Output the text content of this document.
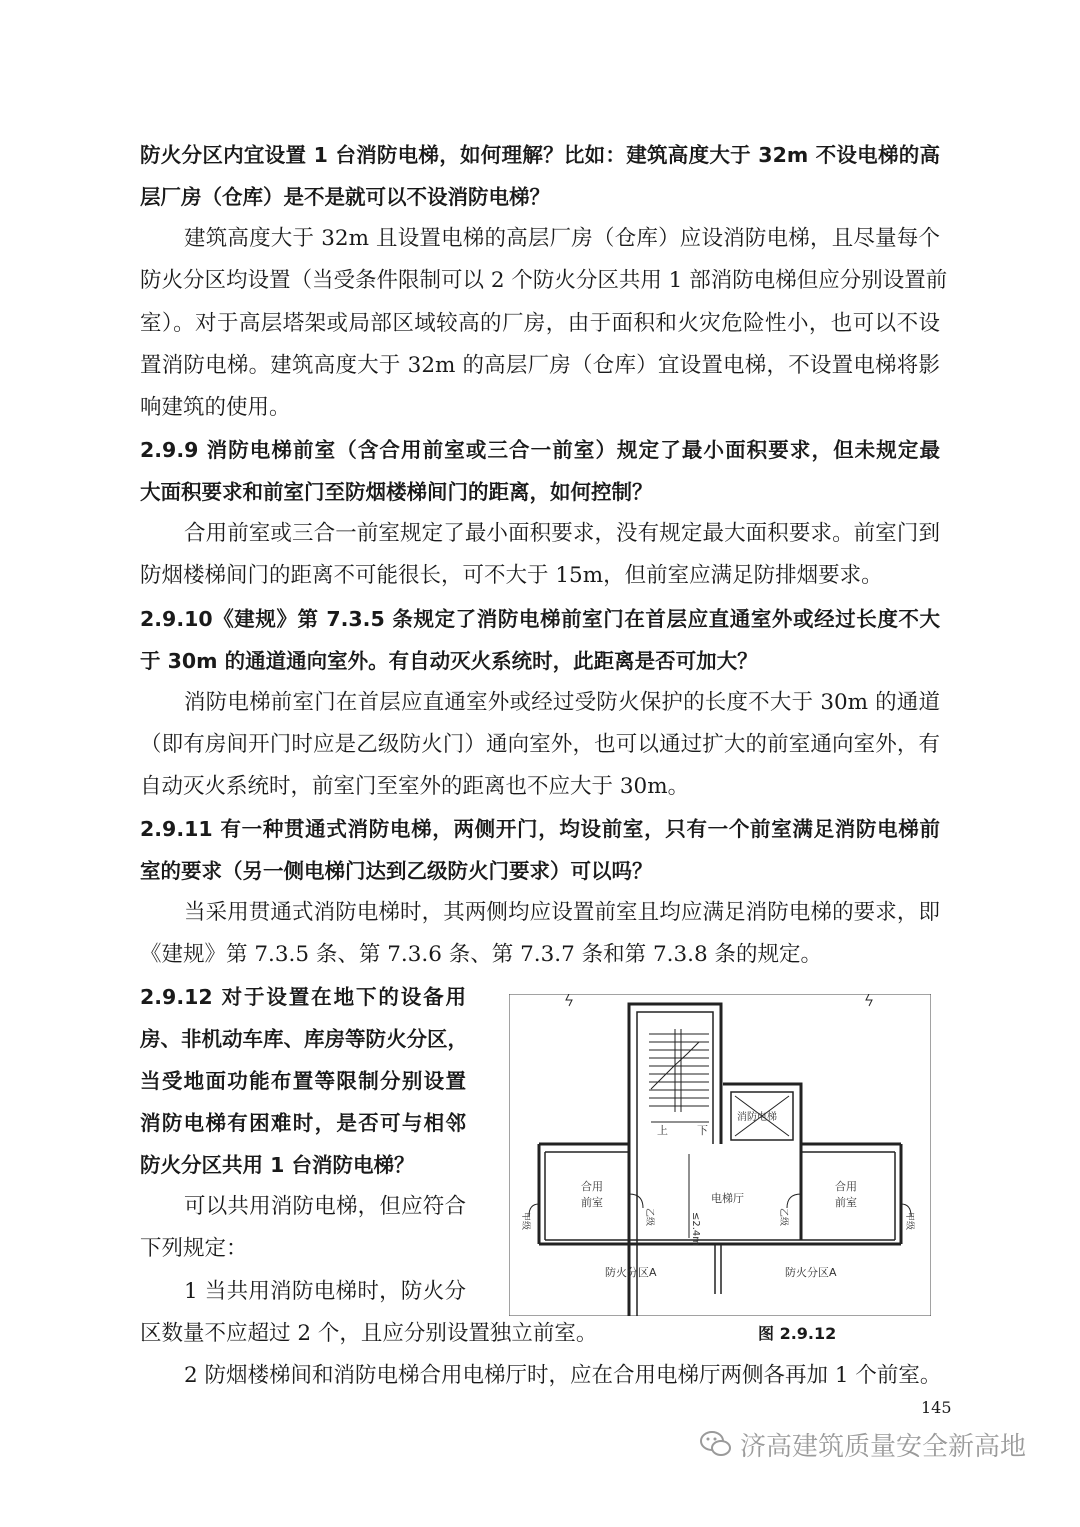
防火分区内宜设置 1 台消防电梯，如何理解？比如：建筑高度大于 32m 不设电梯的高
层厂房（仓库）是不是就可以不设消防电梯？
建筑高度大于 32m 且设置电梯的高层厂房（仓库）应设消防电梯，且尽量每个
防火分区均设置（当受条件限制可以 2 个防火分区共用 1 部消防电梯但应分别设置前
室）。对于高层塔架或局部区域较高的厂房，由于面积和火灾危险性小，也可以不设
置消防电梯。建筑高度大于 32m 的高层厂房（仓库）宜设置电梯，不设置电梯将影
响建筑的使用。
2.9.9 消防电梯前室（含合用前室或三合一前室）规定了最小面积要求，但未规定最
大面积要求和前室门至防烟楼梯间门的距离，如何控制？
合用前室或三合一前室规定了最小面积要求，没有规定最大面积要求。前室门到
防烟楼梯间门的距离不可能很长，可不大于 15m，但前室应满足防排烟要求。
2.9.10《建规》第 7.3.5 条规定了消防电梯前室门在首层应直通室外或经过长度不大
于 30m 的通道通向室外。有自动灭火系统时，此距离是否可加大？
消防电梯前室门在首层应直通室外或经过受防火保护的长度不大于 30m 的通道
（即有房间开门时应是乙级防火门）通向室外，也可以通过扩大的前室通向室外，有
自动灭火系统时，前室门至室外的距离也不应大于 30m。
2.9.11 有一种贯通式消防电梯，两侧开门，均设前室，只有一个前室满足消防电梯前
室的要求（另一侧电梯门达到乙级防火门要求）可以吗？
当采用贯通式消防电梯时，其两侧均应设置前室且均应满足消防电梯的要求，即
《建规》第 7.3.5 条、第 7.3.6 条、第 7.3.7 条和第 7.3.8 条的规定。
2.9.12 对于设置在地下的设备用
房、非机动车库、库房等防火分区，
当受地面功能布置等限制分别设置
消防电梯有困难时，是否可与相邻
防火分区共用 1 台消防电梯？
可以共用消防电梯，但应符合
下列规定：
1 当共用消防电梯时，防火分
区数量不应超过 2 个，且应分别设置独立前室。
2 防烟楼梯间和消防电梯合用电梯厅时，应在合用电梯厅两侧各再加 1 个前室。
上	下
消防电梯
电梯厅
≤2.4m
合用
前室
合用
前室
防火分区A	防火分区A
甲级	乙级	乙级	甲级
图 2.9.12
145
济高建筑质量安全新高地
